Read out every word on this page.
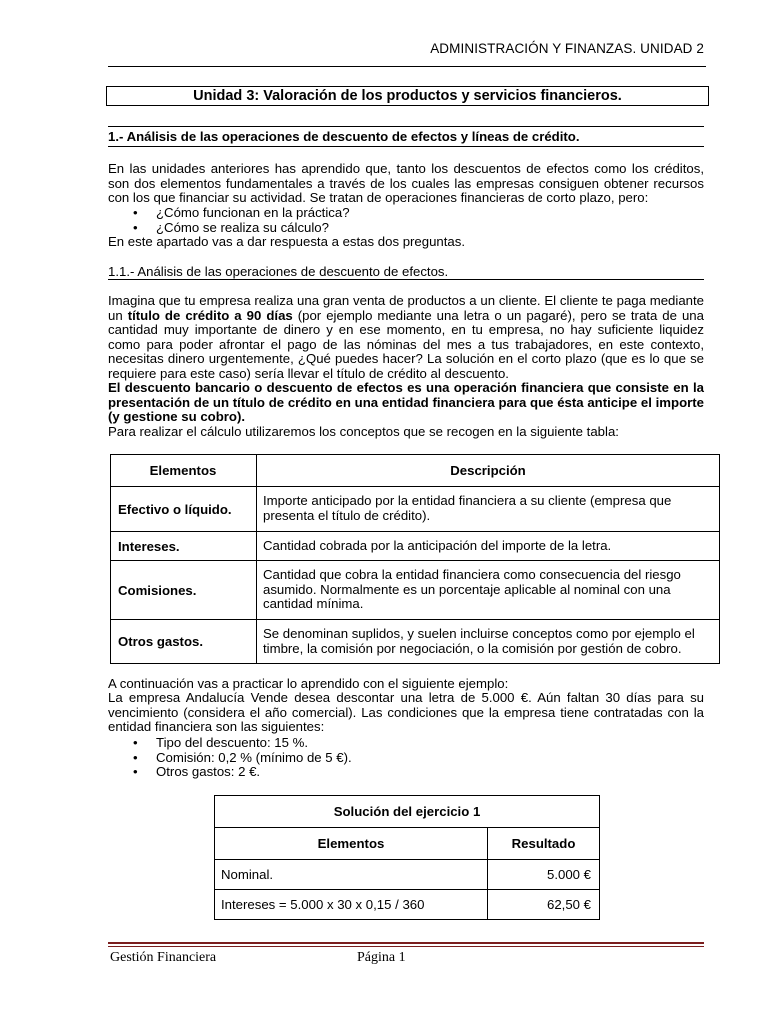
ADMINISTRACIÓN Y FINANZAS. UNIDAD 2
Unidad 3: Valoración de los productos y servicios financieros.
1.- Análisis de las operaciones de descuento de efectos y líneas de crédito.
En las unidades anteriores has aprendido que, tanto los descuentos de efectos como los créditos, son dos elementos fundamentales a través de los cuales las empresas consiguen obtener recursos con los que financiar su actividad. Se tratan de operaciones financieras de corto plazo, pero:
• ¿Cómo funcionan en la práctica?
• ¿Cómo se realiza su cálculo?
En este apartado vas a dar respuesta a estas dos preguntas.
1.1.- Análisis de las operaciones de descuento de efectos.
Imagina que tu empresa realiza una gran venta de productos a un cliente. El cliente te paga mediante un título de crédito a 90 días (por ejemplo mediante una letra o un pagaré), pero se trata de una cantidad muy importante de dinero y en ese momento, en tu empresa, no hay suficiente liquidez como para poder afrontar el pago de las nóminas del mes a tus trabajadores, en este contexto, necesitas dinero urgentemente, ¿Qué puedes hacer? La solución en el corto plazo (que es lo que se requiere para este caso) sería llevar el título de crédito al descuento.
El descuento bancario o descuento de efectos es una operación financiera que consiste en la presentación de un título de crédito en una entidad financiera para que ésta anticipe el importe (y gestione su cobro).
Para realizar el cálculo utilizaremos los conceptos que se recogen en la siguiente tabla:
Elementos	Descripción
Efectivo o líquido.	Importe anticipado por la entidad financiera a su cliente (empresa que presenta el título de crédito).
Intereses.	Cantidad cobrada por la anticipación del importe de la letra.
Comisiones.	Cantidad que cobra la entidad financiera como consecuencia del riesgo asumido. Normalmente es un porcentaje aplicable al nominal con una cantidad mínima.
Otros gastos.	Se denominan suplidos, y suelen incluirse conceptos como por ejemplo el timbre, la comisión por negociación, o la comisión por gestión de cobro.
A continuación vas a practicar lo aprendido con el siguiente ejemplo:
La empresa Andalucía Vende desea descontar una letra de 5.000 €. Aún faltan 30 días para su vencimiento (considera el año comercial). Las condiciones que la empresa tiene contratadas con la entidad financiera son las siguientes:
• Tipo del descuento: 15 %.
• Comisión: 0,2 % (mínimo de 5 €).
• Otros gastos: 2 €.
Solución del ejercicio 1	
Elementos	Resultado
Nominal.	5.000 €
Intereses = 5.000 x 30 x 0,15 / 360	62,50 €
Gestión Financiera	Página 1
